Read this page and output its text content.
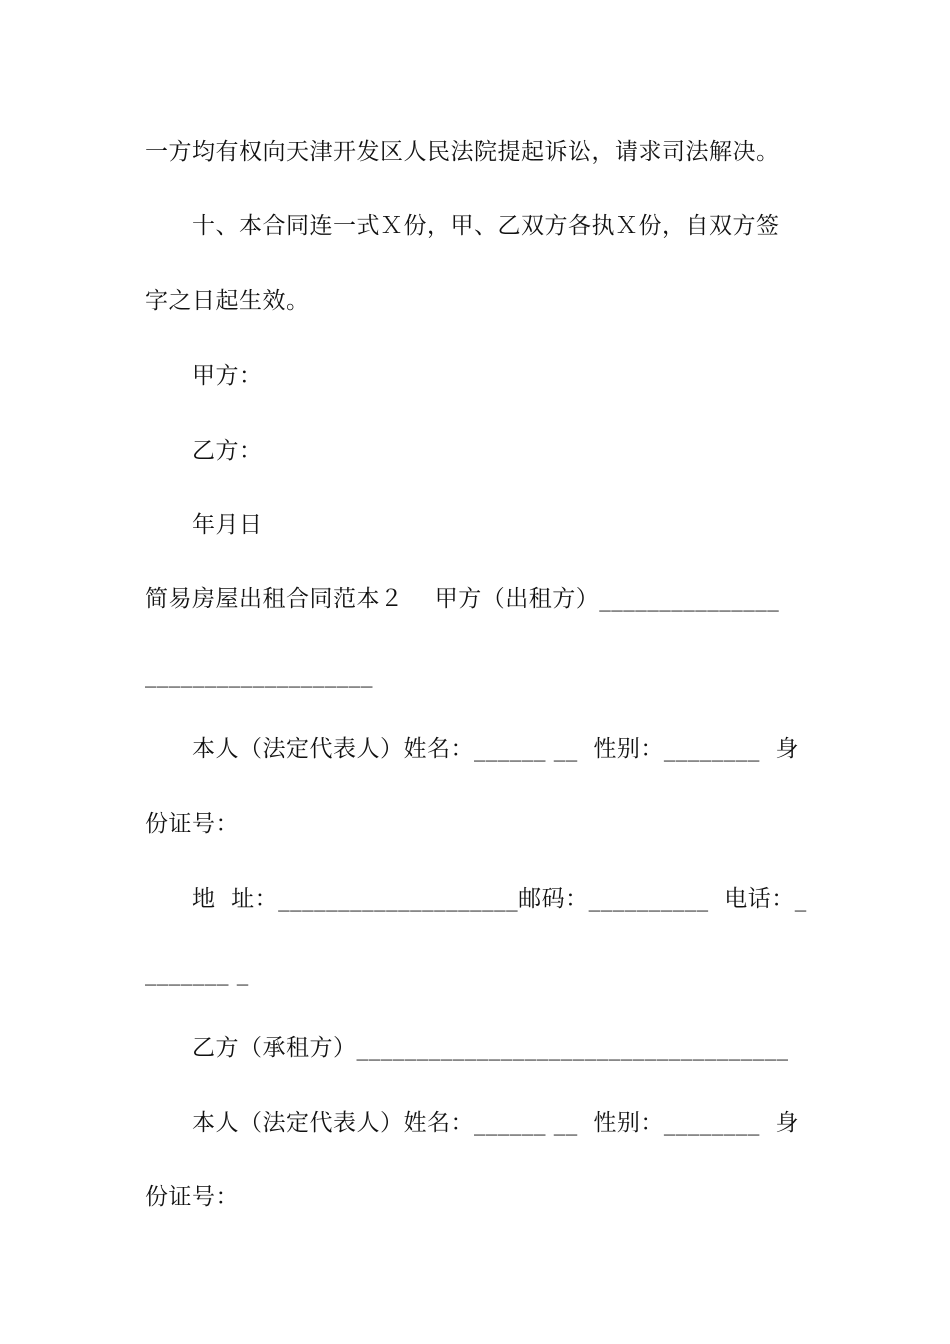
一方均有权向天津开发区人民法院提起诉讼，请求司法解决。
十、本合同连一式Ｘ份，甲、乙双方各执Ｘ份，自双方签
字之日起生效。
甲方：
乙方：
年月日
简易房屋出租合同范本２    甲方（出租方）_______________
___________________
本人（法定代表人）姓名：______ __  性别：________  身
份证号：
地  址：____________________邮码：__________  电话：_
_______ _
乙方（承租方）____________________________________
本人（法定代表人）姓名：______ __  性别：________  身
份证号：
